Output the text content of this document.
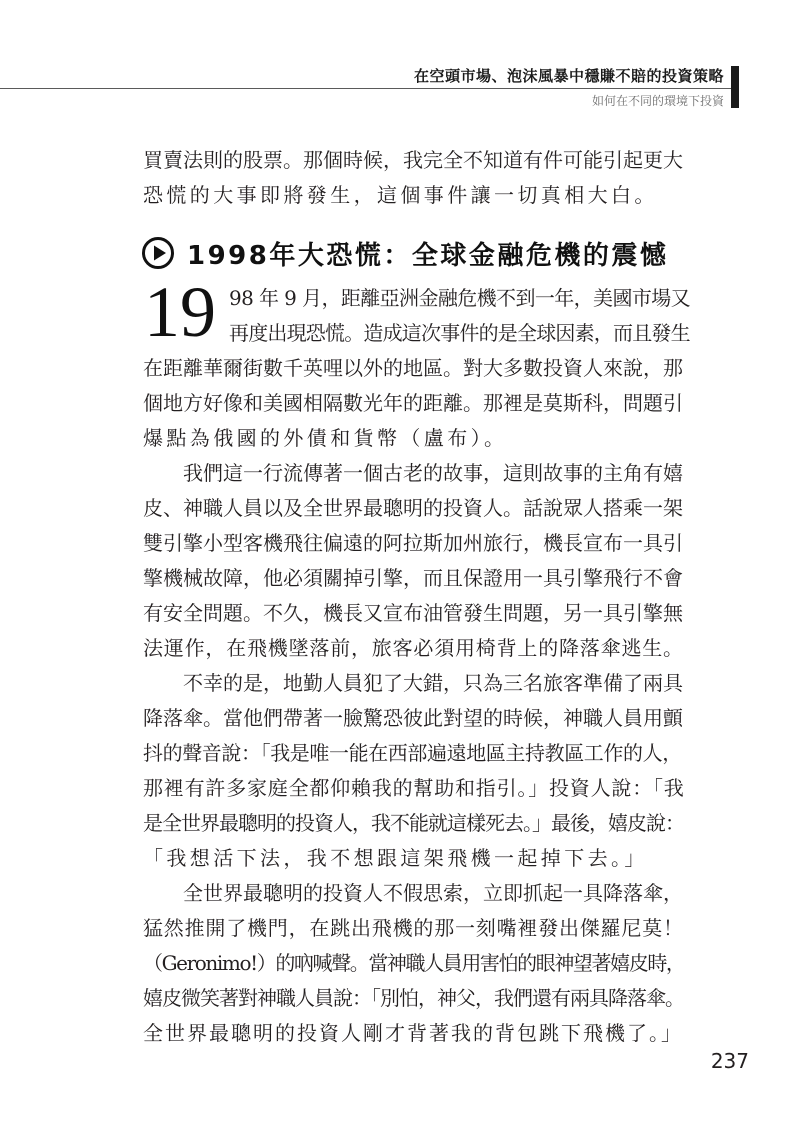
在空頭市場、泡沫風暴中穩賺不賠的投資策略
如何在不同的環境下投資
買賣法則的股票。那個時候，我完全不知道有件可能引起更大
恐慌的大事即將發生，這個事件讓一切真相大白。
1998年大恐慌：全球金融危機的震憾
19 98 年 9 月，距離亞洲金融危機不到一年，美國市場又
再度出現恐慌。造成這次事件的是全球因素，而且發生
在距離華爾街數千英哩以外的地區。對大多數投資人來說，那
個地方好像和美國相隔數光年的距離。那裡是莫斯科，問題引
爆點為俄國的外債和貨幣（盧布）。
我們這一行流傳著一個古老的故事，這則故事的主角有嬉
皮、神職人員以及全世界最聰明的投資人。話說眾人搭乘一架
雙引擎小型客機飛往偏遠的阿拉斯加州旅行，機長宣布一具引
擎機械故障，他必須關掉引擎，而且保證用一具引擎飛行不會
有安全問題。不久，機長又宣布油管發生問題，另一具引擎無
法運作，在飛機墜落前，旅客必須用椅背上的降落傘逃生。
不幸的是，地勤人員犯了大錯，只為三名旅客準備了兩具
降落傘。當他們帶著一臉驚恐彼此對望的時候，神職人員用顫
抖的聲音說：「我是唯一能在西部遍遠地區主持教區工作的人，
那裡有許多家庭全都仰賴我的幫助和指引。」投資人說：「我
是全世界最聰明的投資人，我不能就這樣死去。」最後，嬉皮說：
「我想活下法，我不想跟這架飛機一起掉下去。」
全世界最聰明的投資人不假思索，立即抓起一具降落傘，
猛然推開了機門，在跳出飛機的那一刻嘴裡發出傑羅尼莫！
（Geronimo!）的吶喊聲。當神職人員用害怕的眼神望著嬉皮時，
嬉皮微笑著對神職人員說：「別怕，神父，我們還有兩具降落傘。
全世界最聰明的投資人剛才背著我的背包跳下飛機了。」
237
